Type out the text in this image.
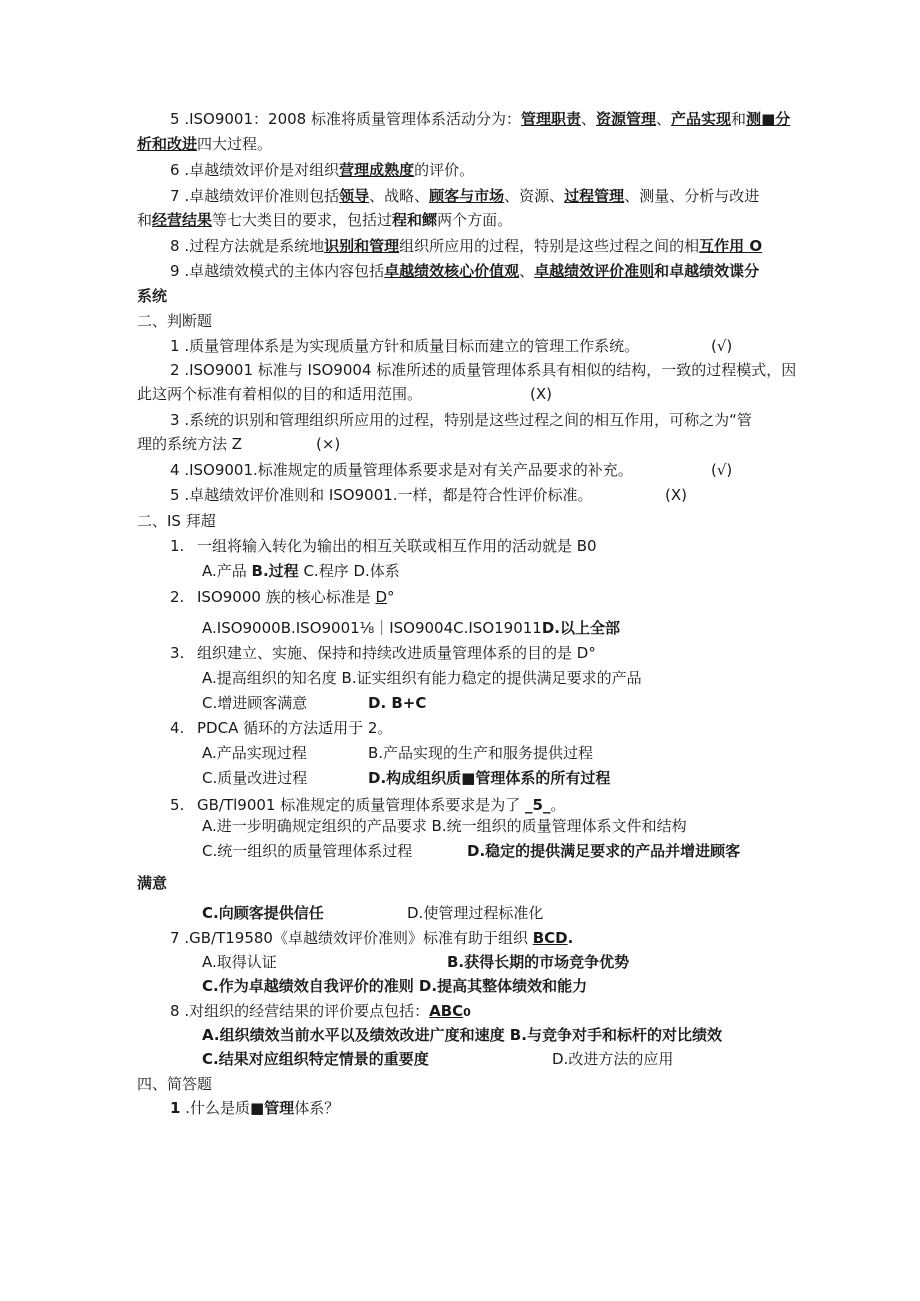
5 .ISO9001：2008 标准将质量管理体系活动分为：管理职责、资源管理、产品实现和测■分
析和改进四大过程。
6 .卓越绩效评价是对组织营理成熟度的评价。
7 .卓越绩效评价准则包括领导、战略、顾客与市场、资源、过程管理、测量、分析与改进
和经营结果等七大类目的要求，包括过程和鳏两个方面。
8 .过程方法就是系统地识别和管理组织所应用的过程，特别是这些过程之间的相互作用 O
9 .卓越绩效模式的主体内容包括卓越绩效核心价值观、卓越绩效评价准则和卓越绩效谍分
系统
二、判断题
1 .质量管理体系是为实现质量方针和质量目标而建立的管理工作系统。	(√)
2 .ISO9001 标准与 ISO9004 标准所述的质量管理体系具有相似的结构，一致的过程模式，因
此这两个标准有着相似的目的和适用范围。	(X)
3 .系统的识别和管理组织所应用的过程，特别是这些过程之间的相互作用，可称之为“管
理的系统方法 Z	(×)
4 .ISO9001.标准规定的质量管理体系要求是对有关产品要求的补充。	(√)
5 .卓越绩效评价准则和 ISO9001.一样，都是符合性评价标准。	(X)
二、IS 拜超
1. 一组将输入转化为输出的相互关联或相互作用的活动就是 B0
A.产品 B.过程 C.程序 D.体系
2. ISO9000 族的核心标准是 D°
A.ISO9000B.ISO9001⅛｜ISO9004C.ISO19011D.以上全部
3. 组织建立、实施、保持和持续改进质量管理体系的目的是 D°
A.提高组织的知名度 B.证实组织有能力稳定的提供满足要求的产品
C.增进顾客满意	D. B+C
4. PDCA 循环的方法适用于 2。
A.产品实现过程	B.产品实现的生产和服务提供过程
C.质量改进过程	D.构成组织质■管理体系的所有过程
5. GB/Tl9001 标准规定的质量管理体系要求是为了 _5_。
A.进一步明确规定组织的产品要求 B.统一组织的质量管理体系文件和结构
C.统一组织的质量管理体系过程	D.稳定的提供满足要求的产品并增进顾客
满意
C.向顾客提供信任	D.使管理过程标准化
7 .GB/T19580《卓越绩效评价准则》标准有助于组织 BCD.
A.取得认证	B.获得长期的市场竞争优势
C.作为卓越绩效自我评价的准则 D.提高其整体绩效和能力
8 .对组织的经营结果的评价要点包括：ABC0
A.组织绩效当前水平以及绩效改进广度和速度 B.与竞争对手和标杆的对比绩效
C.结果对应组织特定情景的重要度	D.改进方法的应用
四、简答题
1 .什么是质■管理体系？
